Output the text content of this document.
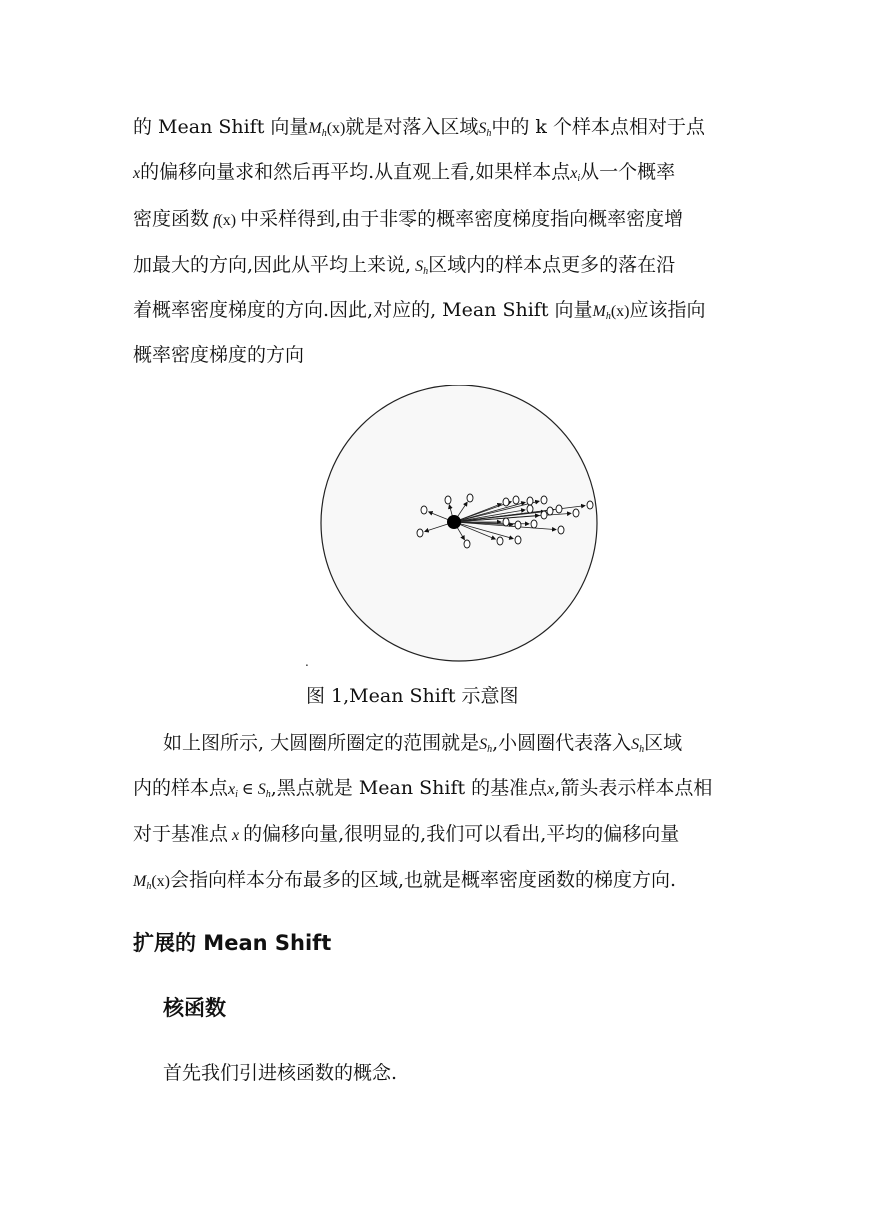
的 Mean Shift 向量$M_h(x)$就是对落入区域$S_h$中的 k 个样本点相对于点
x的偏移向量求和然后再平均.从直观上看,如果样本点$x_i$从一个概率
密度函数 f(x) 中采样得到,由于非零的概率密度梯度指向概率密度增
加最大的方向,因此从平均上来说, $S_h$区域内的样本点更多的落在沿
着概率密度梯度的方向.因此,对应的, Mean Shift 向量$M_h(x)$应该指向
概率密度梯度的方向
.
图 1,Mean Shift 示意图
如上图所示, 大圆圈所圈定的范围就是$S_h$,小圆圈代表落入$S_h$区域
内的样本点$x_i$ ∈ $S_h$,黑点就是 Mean Shift 的基准点x,箭头表示样本点相
对于基准点 x 的偏移向量,很明显的,我们可以看出,平均的偏移向量
$M_h(x)$会指向样本分布最多的区域,也就是概率密度函数的梯度方向.
扩展的 Mean Shift
核函数
首先我们引进核函数的概念.
